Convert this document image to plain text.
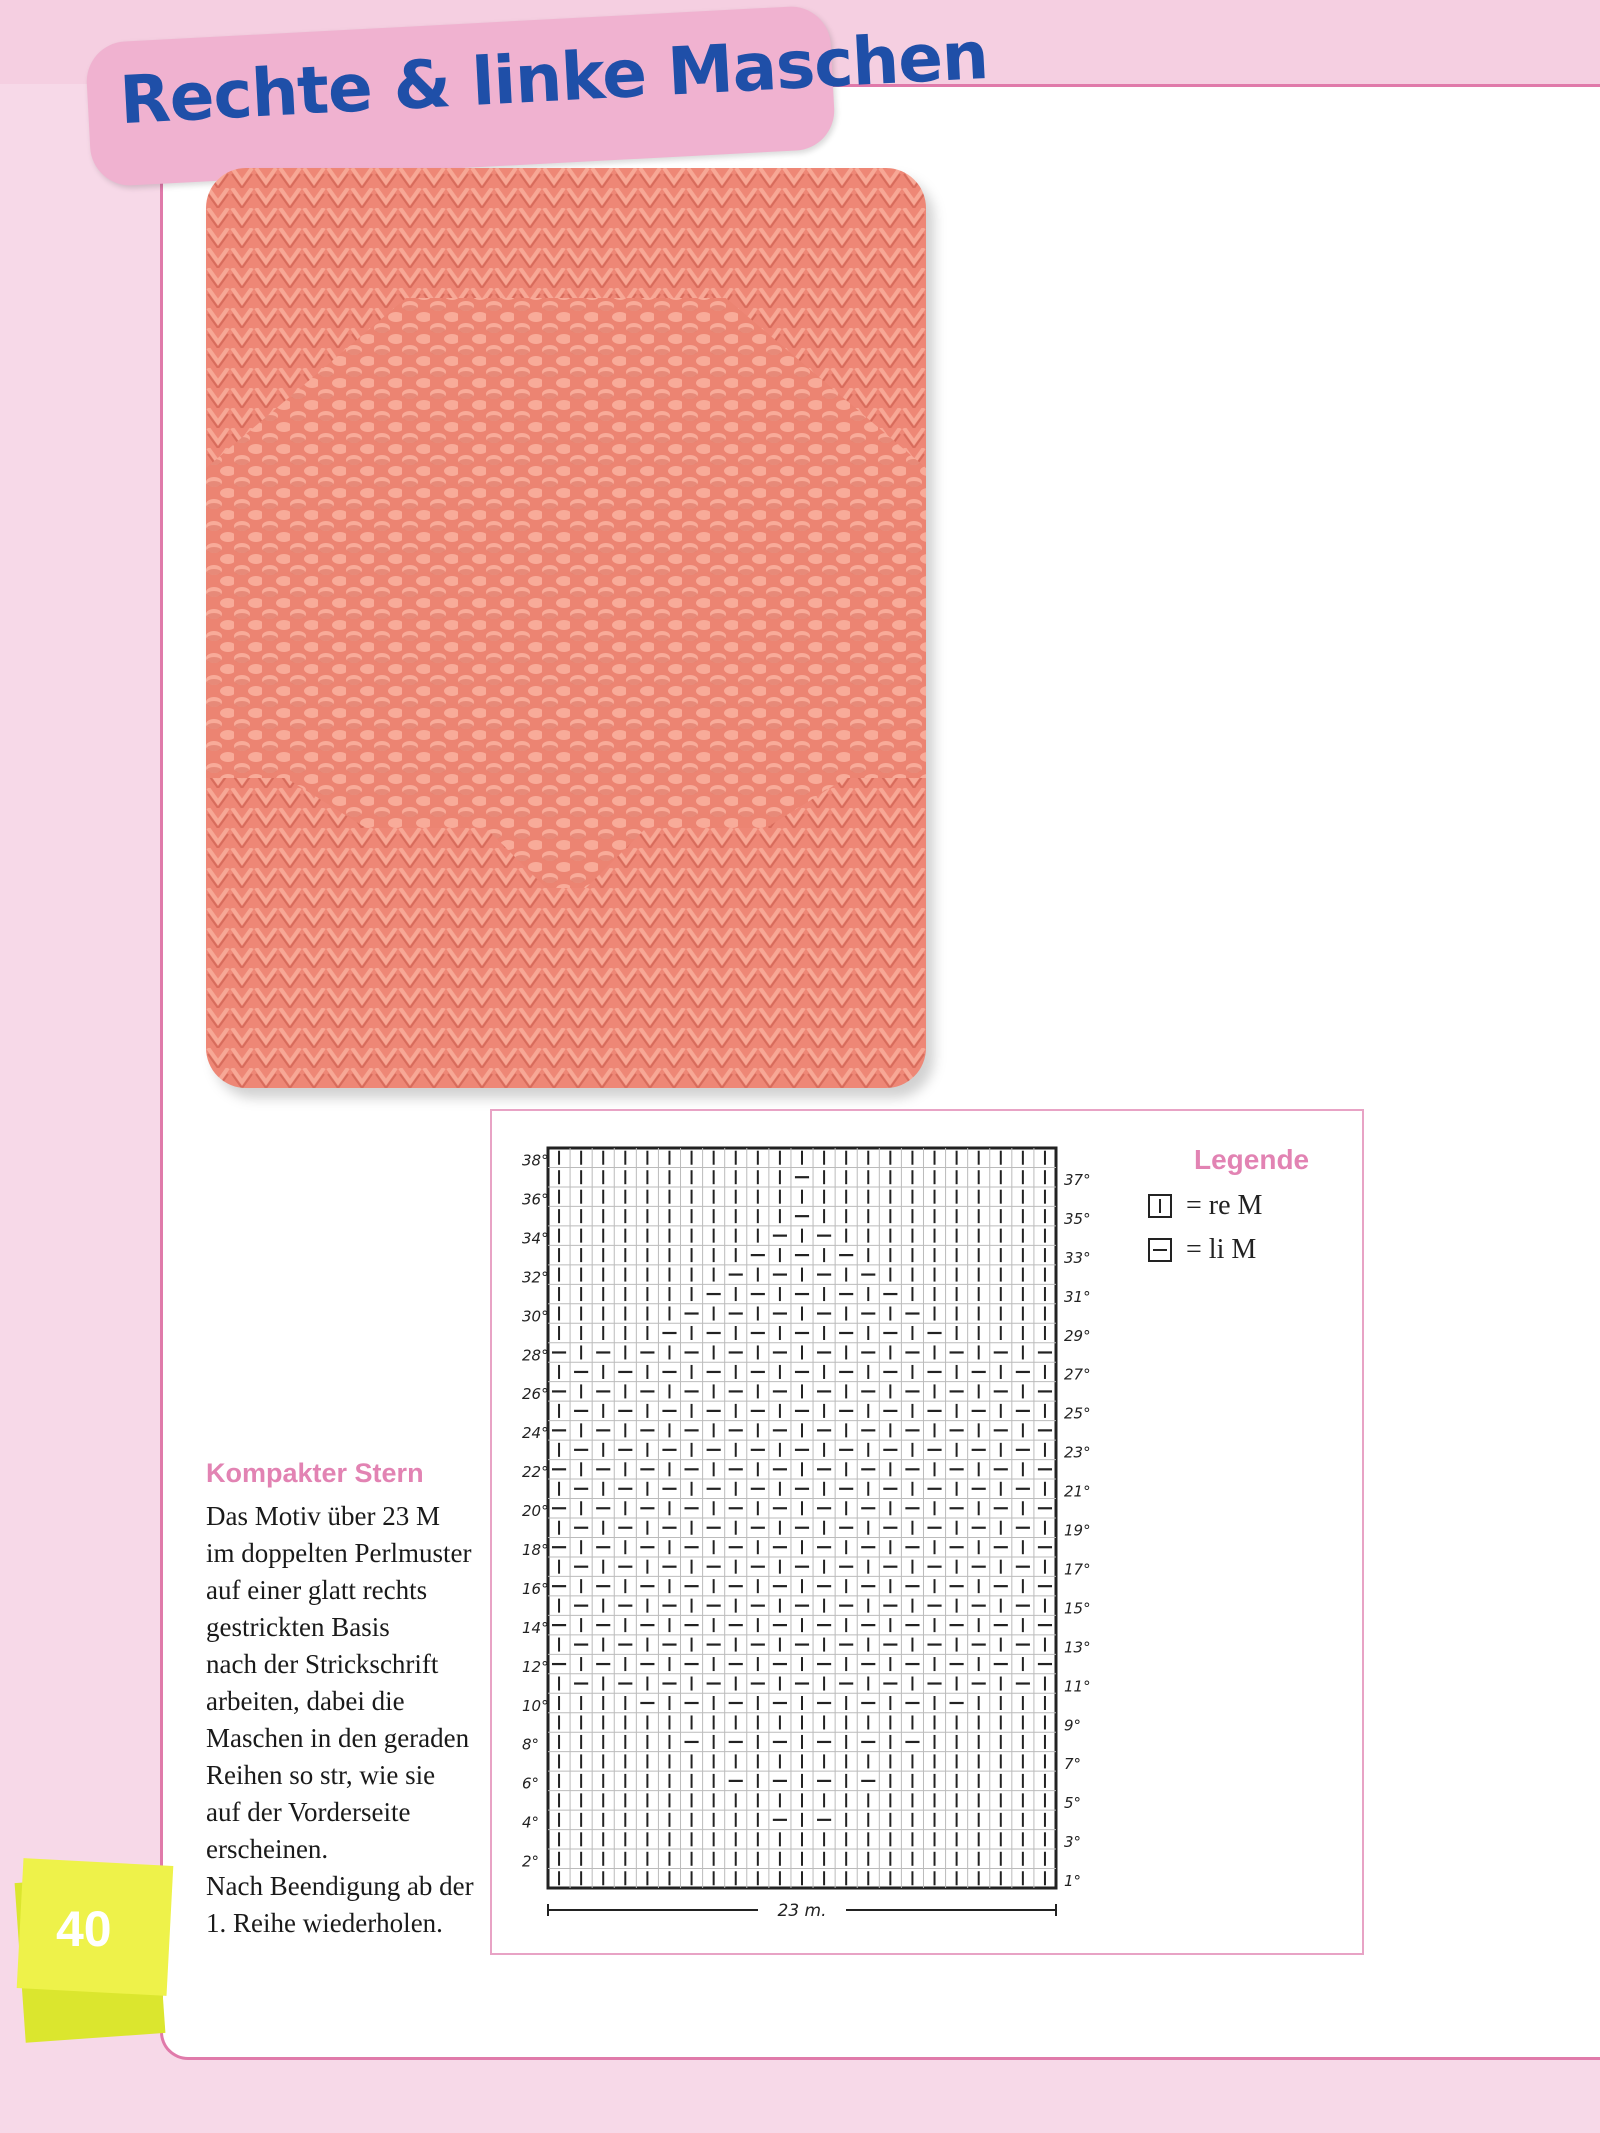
Rechte & linke Maschen
38°
36°
34°
32°
30°
28°
26°
24°
22°
20°
18°
16°
14°
12°
10°
8°
6°
4°
2°
37°
35°
33°
31°
29°
27°
25°
23°
21°
19°
17°
15°
13°
11°
9°
7°
5°
3°
1°
23 m.
Legende
= re M
= li M
Kompakter Stern
Das Motiv über 23 M
im doppelten Perlmuster
auf einer glatt rechts
gestrickten Basis
nach der Strickschrift
arbeiten, dabei die
Maschen in den geraden
Reihen so str, wie sie
auf der Vorderseite
erscheinen.
Nach Beendigung ab der
1. Reihe wiederholen.
40
